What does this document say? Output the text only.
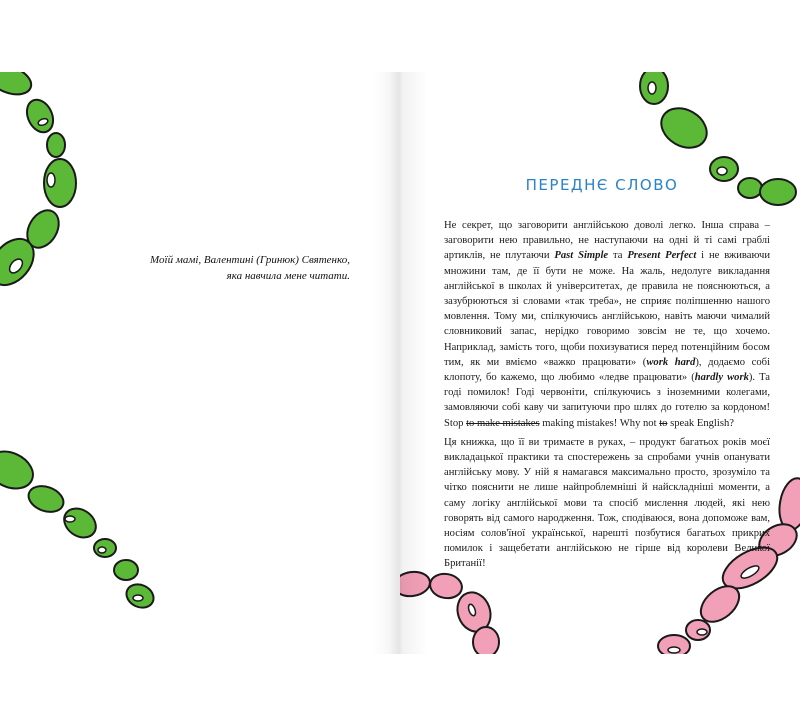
Моїй мамі, Валентині (Гринюк) Святенко,
яка навчила мене читати.
ПЕРЕДНЄ СЛОВО

Не секрет, що заговорити англійською доволі легко. Інша справа – заговорити нею правильно, не наступаючи на одні й ті самі граблі артиклів, не плутаючи Past Simple та Present Perfect і не вживаючи множини там, де її бути не може. На жаль, недолуге викладання англійської в школах й університетах, де правила не пояснюються, а зазубрюються зі словами «так треба», не сприяє поліпшенню нашого мовлення. Тому ми, спілкуючись англійською, навіть маючи чималий словниковий запас, нерідко говоримо зовсім не те, що хочемо. Наприклад, замість того, щоби похизуватися перед потенційним босом тим, як ми вміємо «важко працювати» (work hard), додаємо собі клопоту, бо кажемо, що любимо «ледве працювати» (hardly work). Та годі помилок! Годі червоніти, спілкуючись з іноземними колегами, замовляючи собі каву чи запитуючи про шлях до готелю за кордоном! Stop to make mistakes making mistakes! Why not to speak English?

Ця книжка, що її ви тримаєте в руках, – продукт багатьох років моєї викладацької практики та спостережень за спробами учнів опанувати англійську мову. У ній я намагався максимально просто, зрозуміло та чітко пояснити не лише найпроблемніші й найскладніші моменти, а саму логіку англійської мови та спосіб мислення людей, які нею говорять від самого народження. Тож, сподіваюся, вона допоможе вам, носіям солов'їної української, нарешті позбутися багатьох прикрих помилок і защебетати англійською не гірше від королеви Великої Британії!
